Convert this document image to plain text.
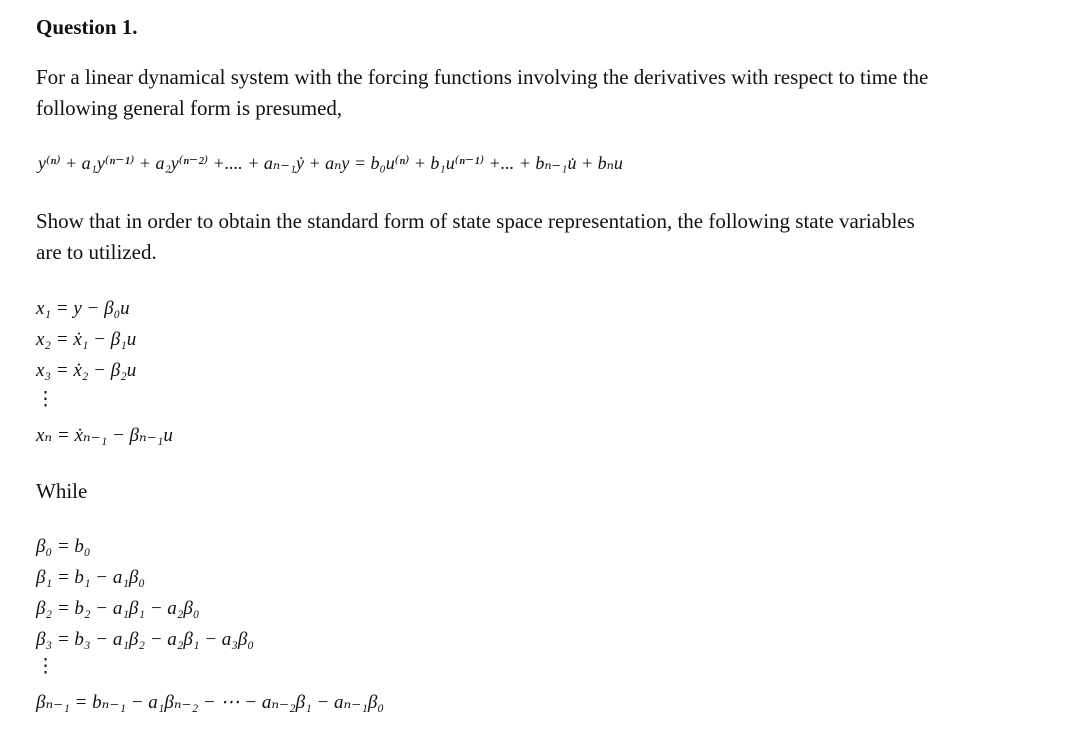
Question 1.
For a linear dynamical system with the forcing functions involving the derivatives with respect to time the
following general form is presumed,
y⁽ⁿ⁾ + a₁y⁽ⁿ⁻¹⁾ + a₂y⁽ⁿ⁻²⁾ +.... + aₙ₋₁ẏ + aₙy = b₀u⁽ⁿ⁾ + b₁u⁽ⁿ⁻¹⁾ +... + bₙ₋₁u̇ + bₙu
Show that in order to obtain the standard form of state space representation, the following state variables
are to utilized.
x₁ = y − β₀u
x₂ = ẋ₁ − β₁u
x₃ = ẋ₂ − β₂u
⋮
xₙ = ẋₙ₋₁ − βₙ₋₁u
While
β₀ = b₀
β₁ = b₁ − a₁β₀
β₂ = b₂ − a₁β₁ − a₂β₀
β₃ = b₃ − a₁β₂ − a₂β₁ − a₃β₀
⋮
βₙ₋₁ = bₙ₋₁ − a₁βₙ₋₂ − ⋯ − aₙ₋₂β₁ − aₙ₋₁β₀
